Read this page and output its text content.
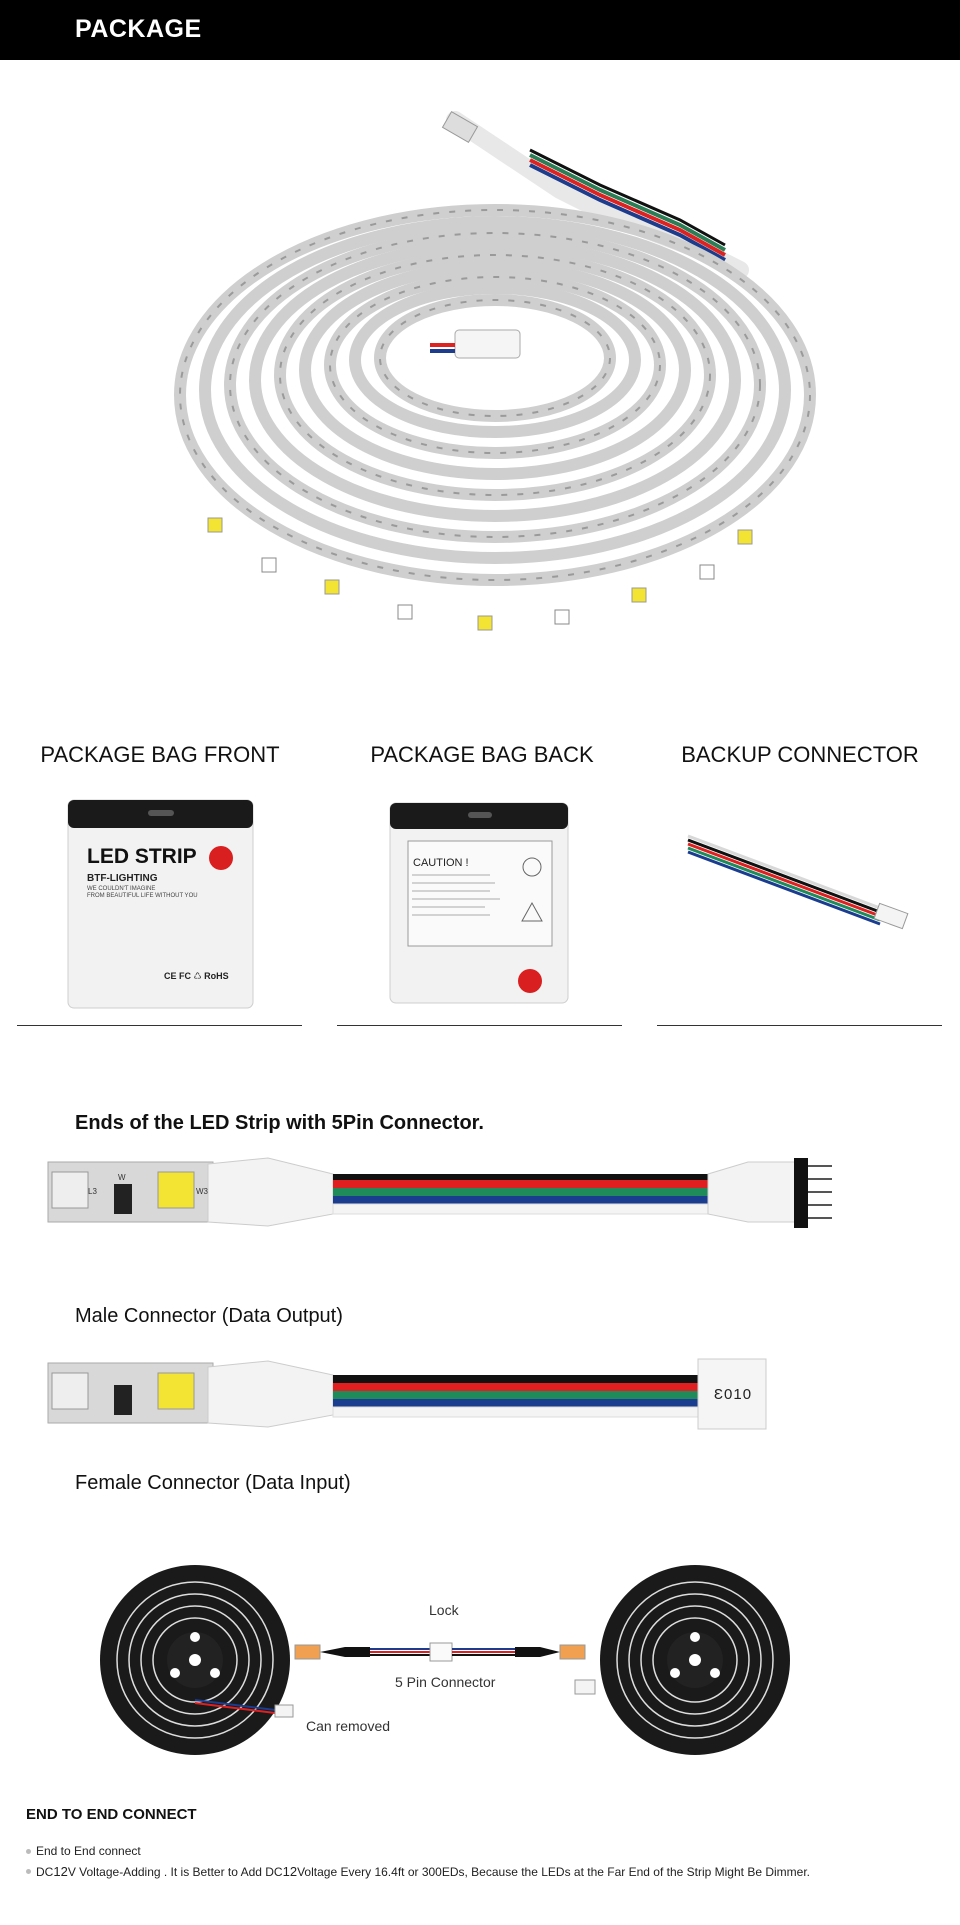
PACKAGE
PACKAGE BAG FRONT	PACKAGE BAG BACK	BACKUP CONNECTOR
LED STRIP
BTF-LIGHTING
WE COULDN'T IMAGINE
FROM BEAUTIFUL LIFE WITHOUT YOU
CE FC ♺ RoHS
CAUTION !
Ends of the LED Strip with 5Pin Connector.
W
W3
L3
Male Connector (Data Output)
Ɛ010
Female Connector (Data Input)
Lock
5 Pin Connector
Can removed
END TO END CONNECT
End to End connect
DC 12 V Voltage-Adding . It is Better to Add DC 12 Voltage Every 16.4ft or 300EDs, Because the LEDs at the Far End of the Strip Might Be Dimmer.
